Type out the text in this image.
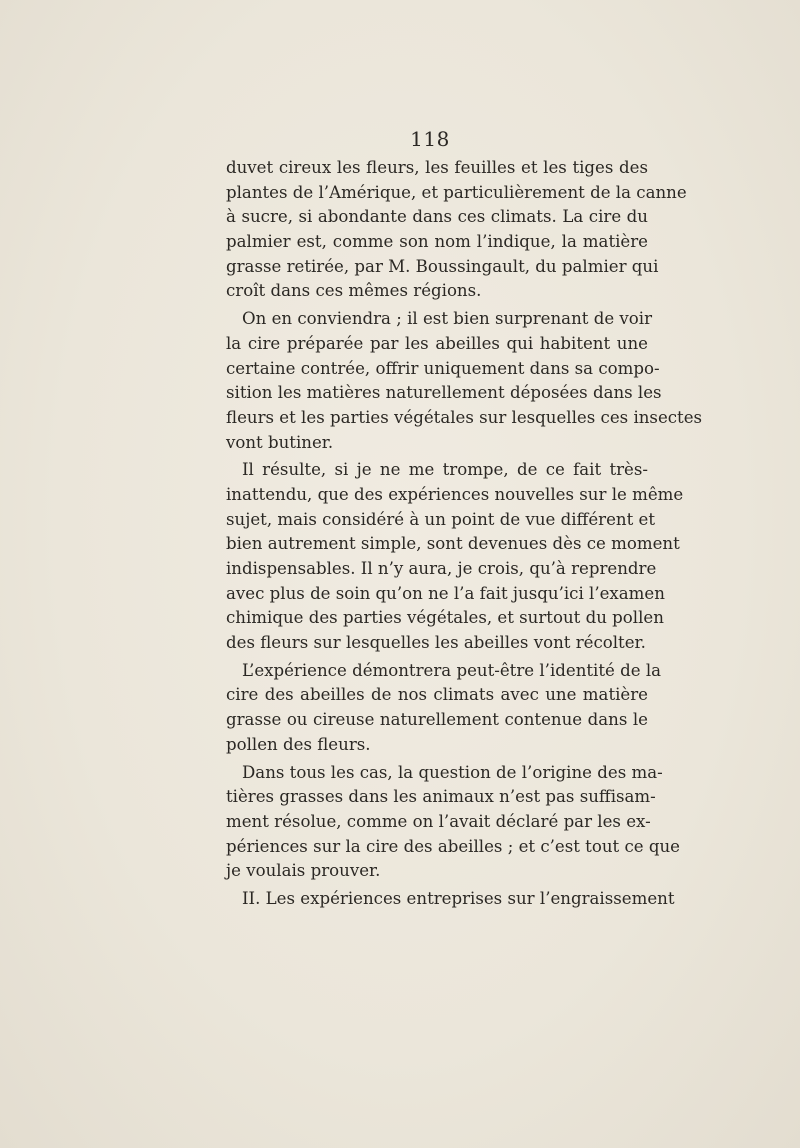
118
duvet cireux les fleurs, les feuilles et les tiges des
plantes de l’Amérique, et particulièrement de la canne
à sucre, si abondante dans ces climats. La cire du
palmier est, comme son nom l’indique, la matière
grasse retirée, par M. Boussingault, du palmier qui
croît dans ces mêmes régions.
On en conviendra ; il est bien surprenant de voir
la cire préparée par les abeilles qui habitent une
certaine contrée, offrir uniquement dans sa compo-
sition les matières naturellement déposées dans les
fleurs et les parties végétales sur lesquelles ces insectes
vont butiner.
Il résulte, si je ne me trompe, de ce fait très-
inattendu, que des expériences nouvelles sur le même
sujet, mais considéré à un point de vue différent et
bien autrement simple, sont devenues dès ce moment
indispensables. Il n’y aura, je crois, qu’à reprendre
avec plus de soin qu’on ne l’a fait jusqu’ici l’examen
chimique des parties végétales, et surtout du pollen
des fleurs sur lesquelles les abeilles vont récolter.
L’expérience démontrera peut-être l’identité de la
cire des abeilles de nos climats avec une matière
grasse ou cireuse naturellement contenue dans le
pollen des fleurs.
Dans tous les cas, la question de l’origine des ma-
tières grasses dans les animaux n’est pas suffisam-
ment résolue, comme on l’avait déclaré par les ex-
périences sur la cire des abeilles ; et c’est tout ce que
je voulais prouver.
II. Les expériences entreprises sur l’engraissement
